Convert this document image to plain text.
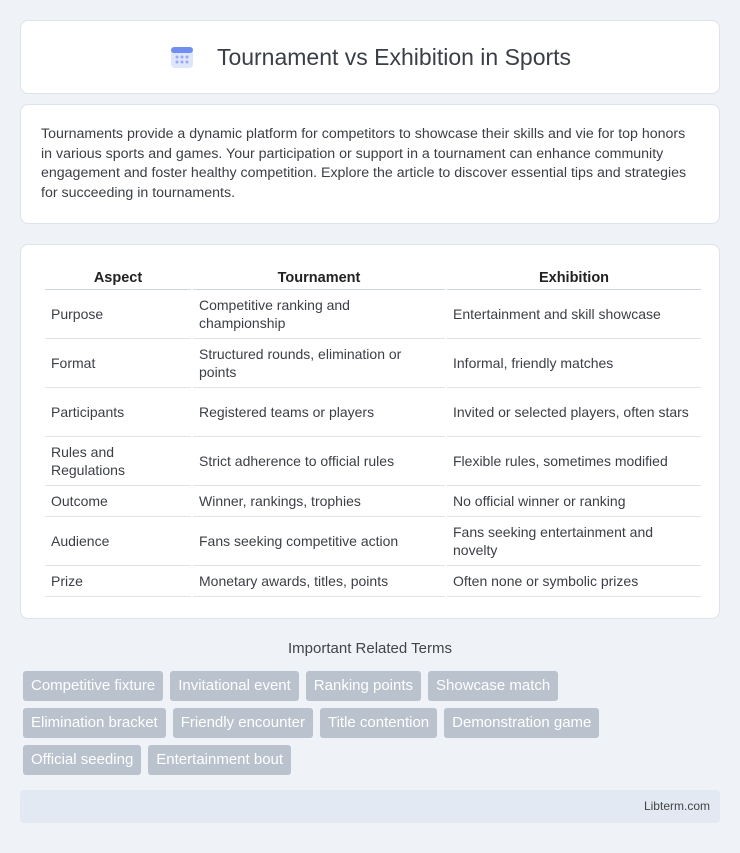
Tournament vs Exhibition in Sports

Tournaments provide a dynamic platform for competitors to showcase their skills and vie for top honors in various sports and games. Your participation or support in a tournament can enhance community engagement and foster healthy competition. Explore the article to discover essential tips and strategies for succeeding in tournaments.

Aspect	Tournament	Exhibition
Purpose	Competitive ranking and championship	Entertainment and skill showcase
Format	Structured rounds, elimination or points	Informal, friendly matches
Participants	Registered teams or players	Invited or selected players, often stars
Rules and Regulations	Strict adherence to official rules	Flexible rules, sometimes modified
Outcome	Winner, rankings, trophies	No official winner or ranking
Audience	Fans seeking competitive action	Fans seeking entertainment and novelty
Prize	Monetary awards, titles, points	Often none or symbolic prizes
Important Related Terms
Competitive fixture	Invitational event	Ranking points	Showcase match
Elimination bracket	Friendly encounter	Title contention	Demonstration game
Official seeding	Entertainment bout
Libterm.com
